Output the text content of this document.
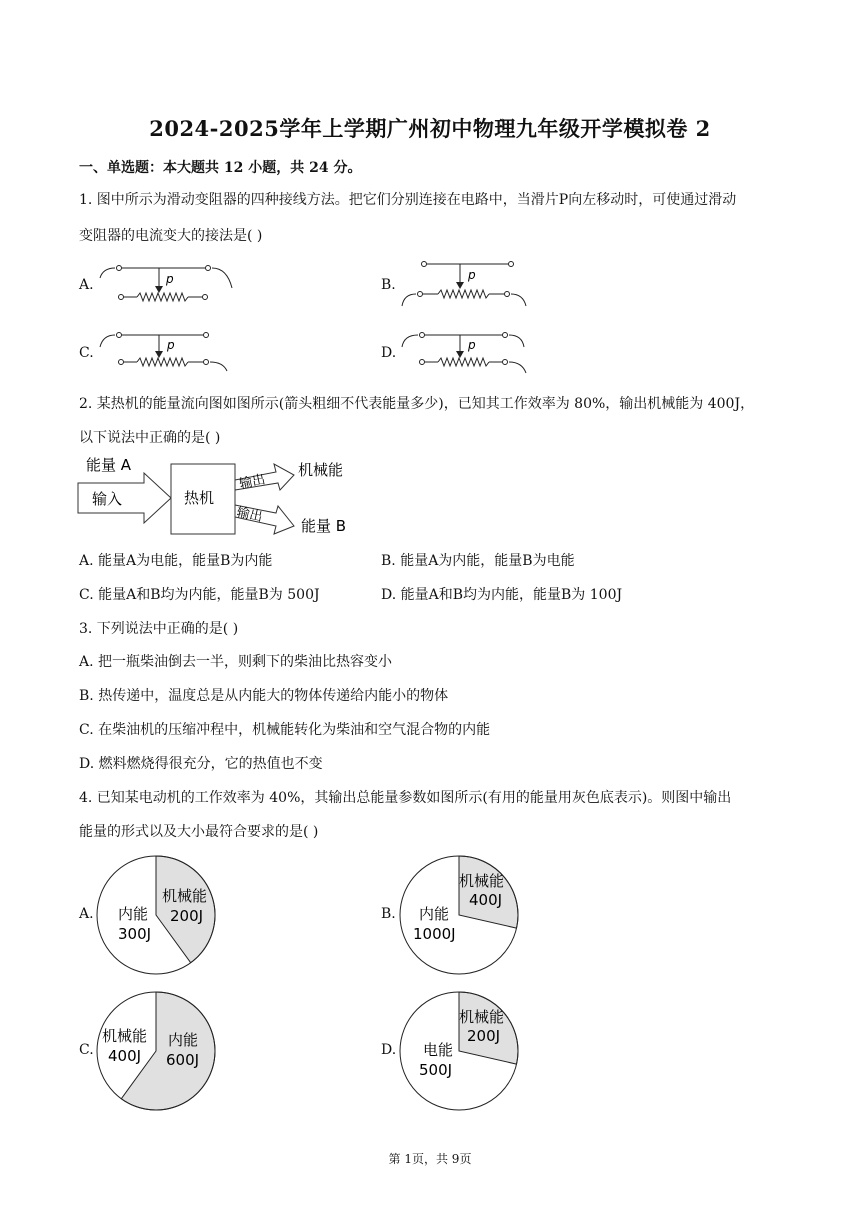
2024-2025学年上学期广州初中物理九年级开学模拟卷 2
一、单选题：本大题共 12 小题，共 24 分。
1. 图中所示为滑动变阻器的四种接线方法。把它们分别连接在电路中，当滑片P向左移动时，可使通过滑动
变阻器的电流变大的接法是( )
A.	p	B.
p
C.	p	D.	p
2. 某热机的能量流向图如图所示(箭头粗细不代表能量多少)，已知其工作效率为 80%，输出机械能为 400J，
以下说法中正确的是( )
能量 A
输入	热机
输出
机械能
输出
能量 B
A. 能量A为电能，能量B为内能	B. 能量A为内能，能量B为电能
C. 能量A和B均为内能，能量B为 500J	D. 能量A和B均为内能，能量B为 100J
3. 下列说法中正确的是( )
A. 把一瓶柴油倒去一半，则剩下的柴油比热容变小
B. 热传递中，温度总是从内能大的物体传递给内能小的物体
C. 在柴油机的压缩冲程中，机械能转化为柴油和空气混合物的内能
D. 燃料燃烧得很充分，它的热值也不变
4. 已知某电动机的工作效率为 40%，其输出总能量参数如图所示(有用的能量用灰色底表示)。则图中输出
能量的形式以及大小最符合要求的是( )
A.
机械能
200J
内能
300J
B.
机械能
400J
内能
1000J
C.
机械能
400J
内能
600J
D.
机械能
200J
电能
500J
第 1页，共 9页
